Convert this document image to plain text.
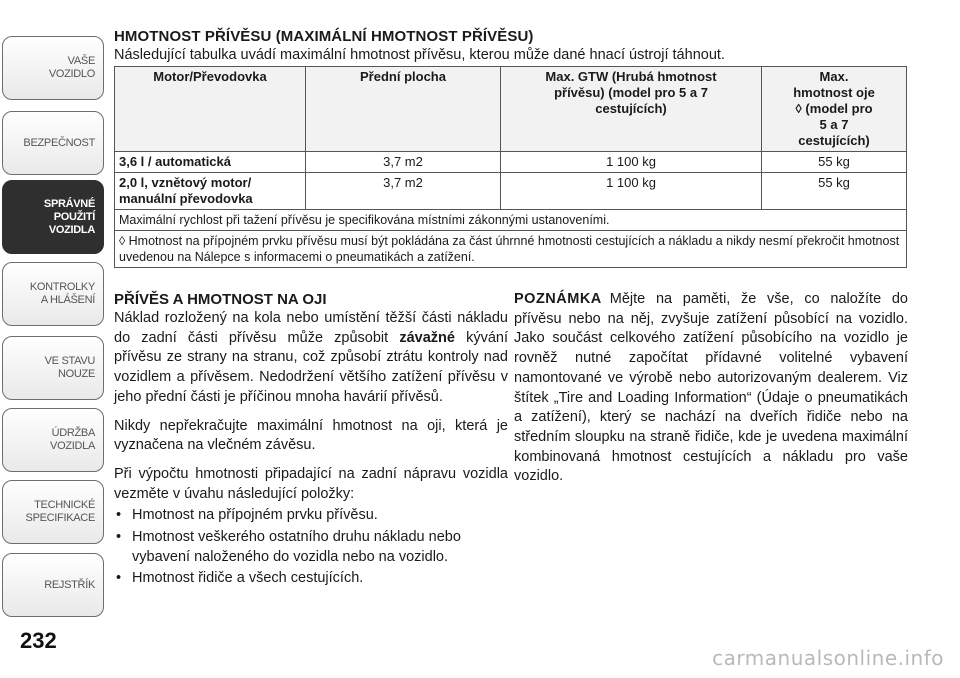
VAŠE
VOZIDLO
BEZPEČNOST
SPRÁVNÉ
POUŽITÍ
VOZIDLA
KONTROLKY
A HLÁŠENÍ
VE STAVU
NOUZE
ÚDRŽBA
VOZIDLA
TECHNICKÉ
SPECIFIKACE
REJSTŘÍK
232
HMOTNOST PŘÍVĚSU (MAXIMÁLNÍ HMOTNOST PŘÍVĚSU)

Následující tabulka uvádí maximální hmotnost přívěsu, kterou může dané hnací ústrojí táhnout.

Motor/Převodovka	Přední plocha	Max. GTW (Hrubá hmotnost přívěsu) (model pro 5 a 7 cestujících)	Max. hmotnost oje ◊ (model pro 5 a 7 cestujících)
3,6 l / automatická	3,7 m2	1 100 kg	55 kg
2,0 l, vznětový motor/ manuální převodovka	3,7 m2	1 100 kg	55 kg
Maximální rychlost při tažení přívěsu je specifikována místními zákonnými ustanoveními.			
◊ Hmotnost na přípojném prvku přívěsu musí být pokládána za část úhrnné hmotnosti cestujících a nákladu a nikdy nesmí překročit hmotnost uvedenou na Nálepce s informacemi o pneumatikách a zatížení.			
PŘÍVĚS A HMOTNOST NA OJI

Náklad rozložený na kola nebo umístění těžší části nákladu do zadní části přívěsu může způsobit závažné kývání přívěsu ze strany na stranu, což způsobí ztrátu kontroly nad vozidlem a přívěsem. Nedodržení většího zatížení přívěsu v jeho přední části je příčinou mnoha havárií přívěsů.

Nikdy nepřekračujte maximální hmotnost na oji, která je vyznačena na vlečném závěsu.

Při výpočtu hmotnosti připadající na zadní nápravu vozidla vezměte v úvahu následující položky:

• Hmotnost na přípojném prvku přívěsu.
• Hmotnost veškerého ostatního druhu nákladu nebo vybavení naloženého do vozidla nebo na vozidlo.
• Hmotnost řidiče a všech cestujících.

POZNÁMKA Mějte na paměti, že vše, co naložíte do přívěsu nebo na něj, zvyšuje zatížení působící na vozidlo. Jako součást celkového zatížení působícího na vozidlo je rovněž nutné započítat přídavné volitelné vybavení namontované ve výrobě nebo autorizovaným dealerem. Viz štítek „Tire and Loading Information“ (Údaje o pneumatikách a zatížení), který se nachází na dveřích řidiče nebo na středním sloupku na straně řidiče, kde je uvedena maximální kombinovaná hmotnost cestujících a nákladu pro vaše vozidlo.

carmanualsonline.info
